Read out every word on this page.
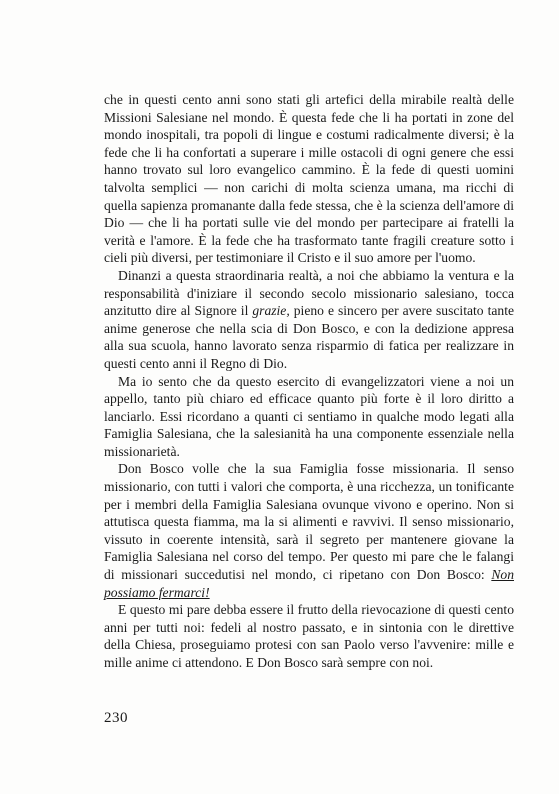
che in questi cento anni sono stati gli artefici della mirabile realtà delle Missioni Salesiane nel mondo. È questa fede che li ha portati in zone del mondo inospitali, tra popoli di lingue e costumi radicalmente diversi; è la fede che li ha confortati a superare i mille ostacoli di ogni genere che essi hanno trovato sul loro evangelico cammino. È la fede di questi uomini talvolta semplici — non carichi di molta scienza umana, ma ricchi di quella sapienza promanante dalla fede stessa, che è la scienza dell'amore di Dio — che li ha portati sulle vie del mondo per partecipare ai fratelli la verità e l'amore. È la fede che ha trasformato tante fragili creature sotto i cieli più diversi, per testimoniare il Cristo e il suo amore per l'uomo.

Dinanzi a questa straordinaria realtà, a noi che abbiamo la ventura e la responsabilità d'iniziare il secondo secolo missionario salesiano, tocca anzitutto dire al Signore il grazie, pieno e sincero per avere suscitato tante anime generose che nella scia di Don Bosco, e con la dedizione appresa alla sua scuola, hanno lavorato senza risparmio di fatica per realizzare in questi cento anni il Regno di Dio.

Ma io sento che da questo esercito di evangelizzatori viene a noi un appello, tanto più chiaro ed efficace quanto più forte è il loro diritto a lanciarlo. Essi ricordano a quanti ci sentiamo in qualche modo legati alla Famiglia Salesiana, che la salesianità ha una componente essenziale nella missionarietà.

Don Bosco volle che la sua Famiglia fosse missionaria. Il senso missionario, con tutti i valori che comporta, è una ricchezza, un tonificante per i membri della Famiglia Salesiana ovunque vivono e operino. Non si attutisca questa fiamma, ma la si alimenti e ravvivi. Il senso missionario, vissuto in coerente intensità, sarà il segreto per mantenere giovane la Famiglia Salesiana nel corso del tempo. Per questo mi pare che le falangi di missionari succedutisi nel mondo, ci ripetano con Don Bosco: Non possiamo fermarci!

E questo mi pare debba essere il frutto della rievocazione di questi cento anni per tutti noi: fedeli al nostro passato, e in sintonia con le direttive della Chiesa, proseguiamo protesi con san Paolo verso l'avvenire: mille e mille anime ci attendono. E Don Bosco sarà sempre con noi.

230
